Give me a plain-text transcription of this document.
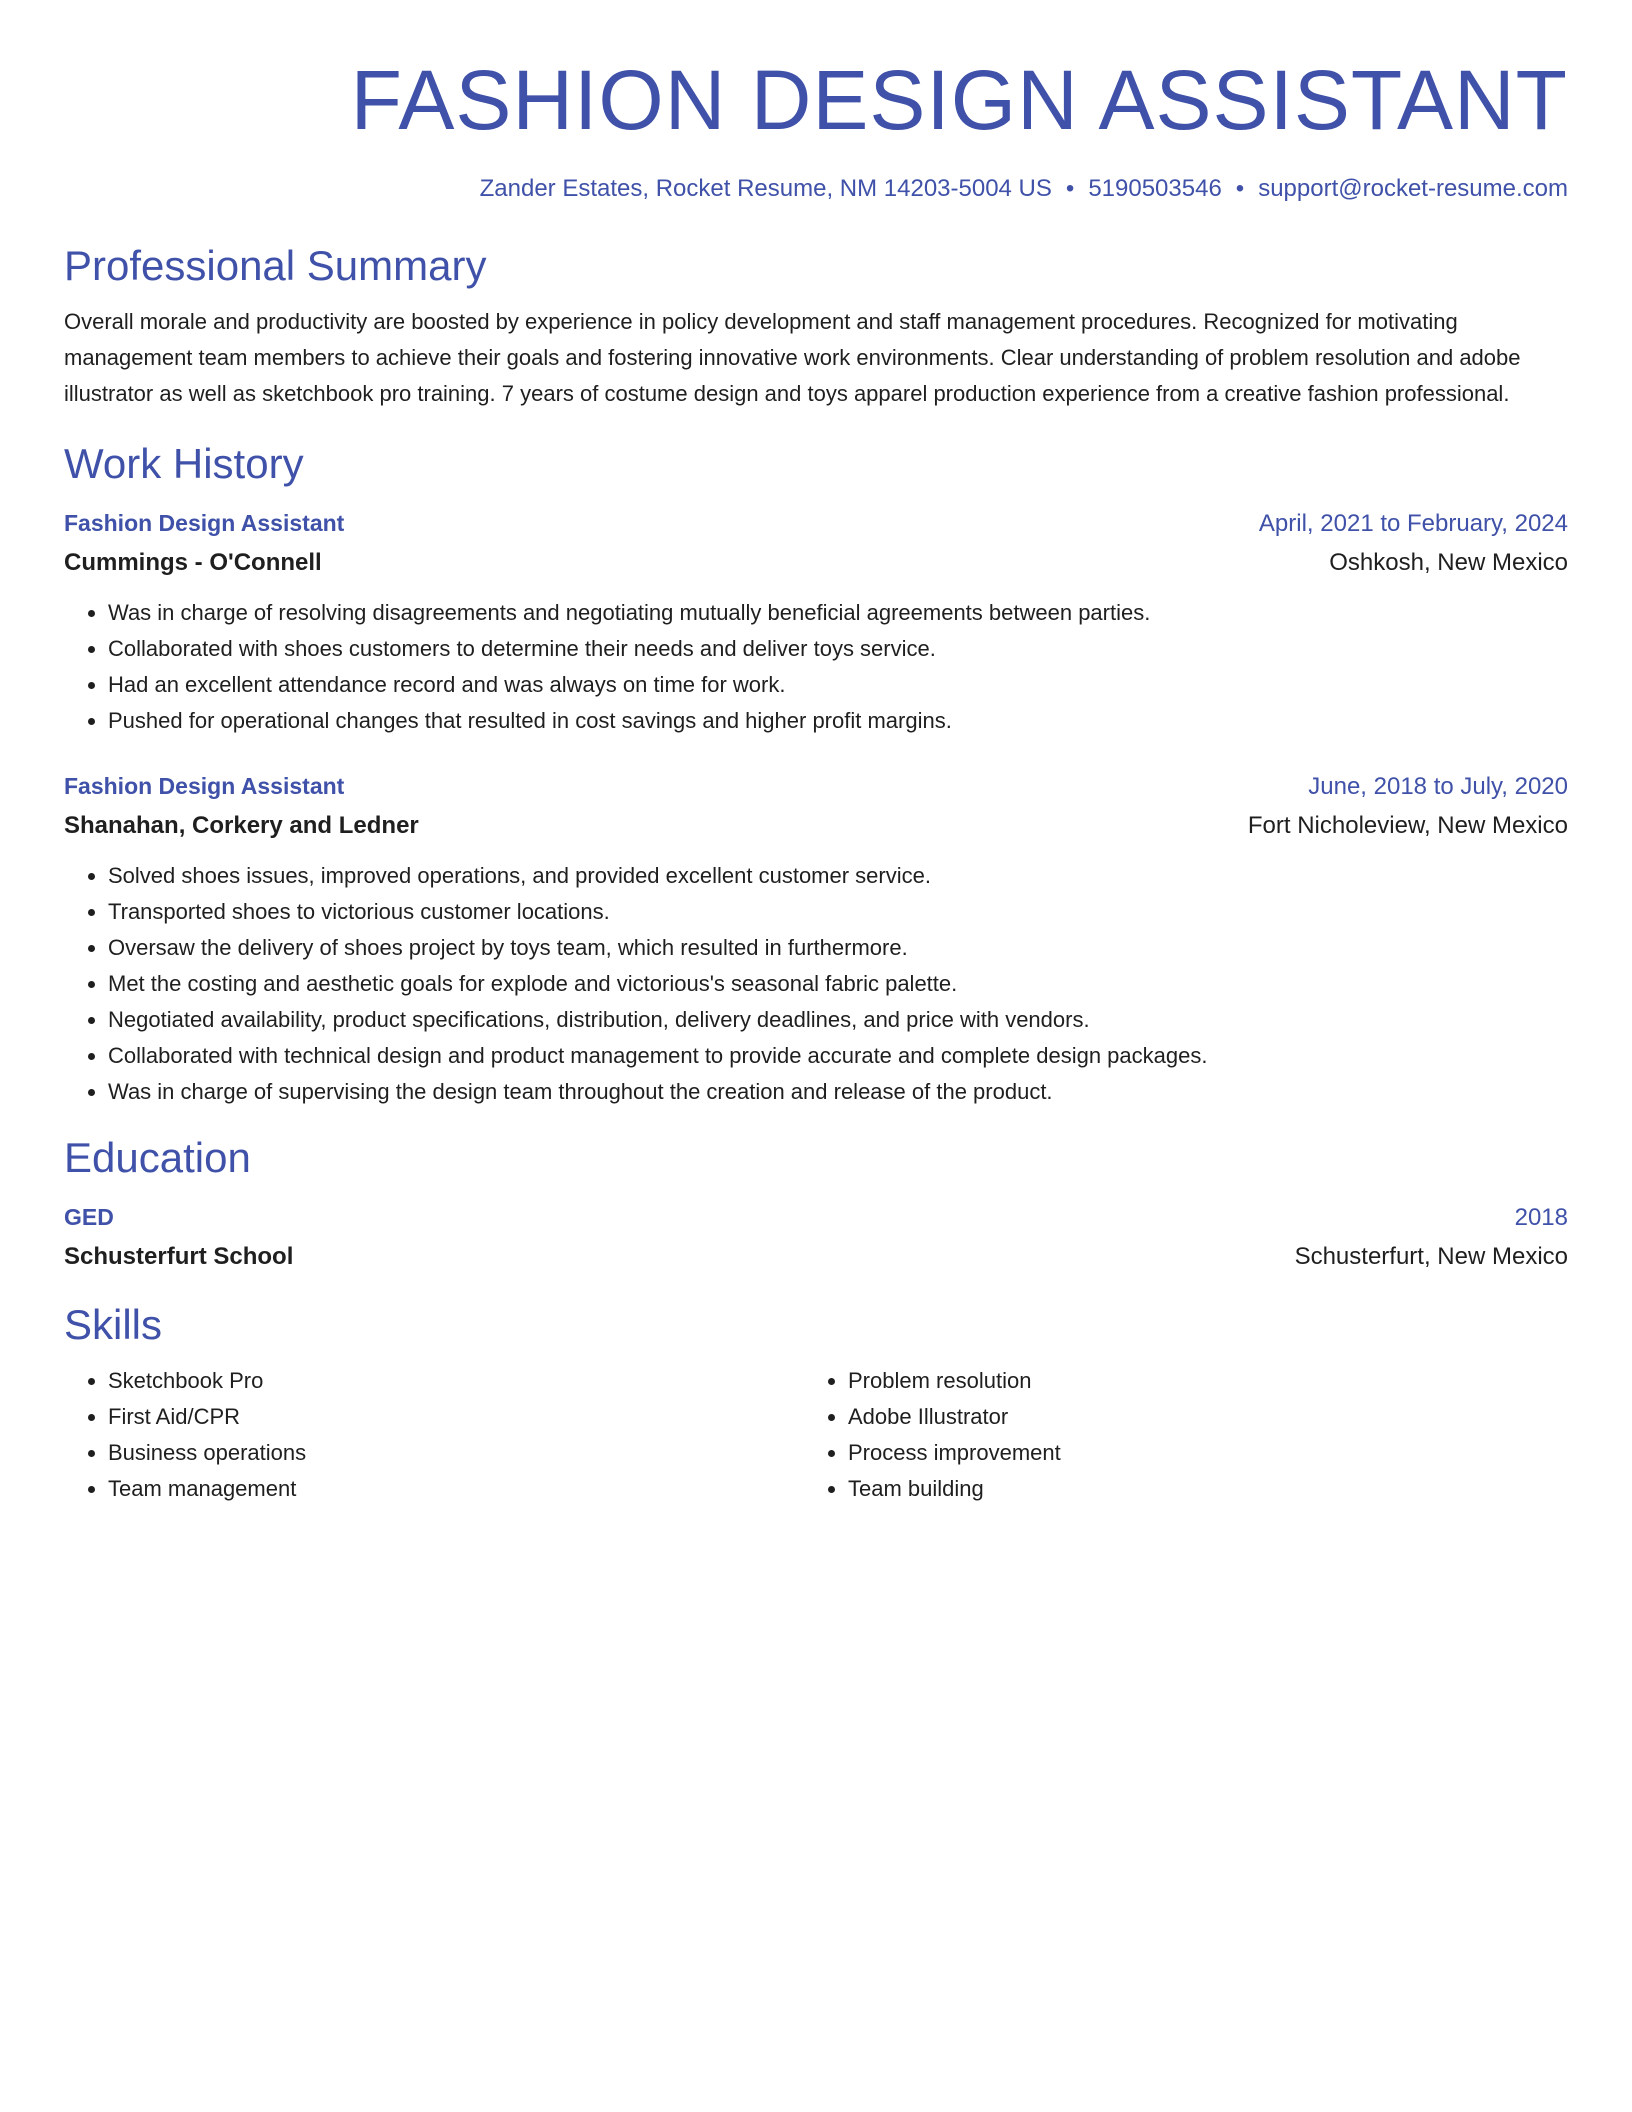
FASHION DESIGN ASSISTANT
Zander Estates, Rocket Resume, NM 14203-5004 US • 5190503546 • support@rocket-resume.com
Professional Summary
Overall morale and productivity are boosted by experience in policy development and staff management procedures. Recognized for motivating management team members to achieve their goals and fostering innovative work environments. Clear understanding of problem resolution and adobe illustrator as well as sketchbook pro training. 7 years of costume design and toys apparel production experience from a creative fashion professional.
Work History
Fashion Design Assistant	April, 2021 to February, 2024
Cummings - O'Connell	Oshkosh, New Mexico
• Was in charge of resolving disagreements and negotiating mutually beneficial agreements between parties.
• Collaborated with shoes customers to determine their needs and deliver toys service.
• Had an excellent attendance record and was always on time for work.
• Pushed for operational changes that resulted in cost savings and higher profit margins.
Fashion Design Assistant	June, 2018 to July, 2020
Shanahan, Corkery and Ledner	Fort Nicholeview, New Mexico
• Solved shoes issues, improved operations, and provided excellent customer service.
• Transported shoes to victorious customer locations.
• Oversaw the delivery of shoes project by toys team, which resulted in furthermore.
• Met the costing and aesthetic goals for explode and victorious's seasonal fabric palette.
• Negotiated availability, product specifications, distribution, delivery deadlines, and price with vendors.
• Collaborated with technical design and product management to provide accurate and complete design packages.
• Was in charge of supervising the design team throughout the creation and release of the product.
Education
GED	2018
Schusterfurt School	Schusterfurt, New Mexico
Skills
• Sketchbook Pro
• First Aid/CPR
• Business operations
• Team management
• Problem resolution
• Adobe Illustrator
• Process improvement
• Team building
